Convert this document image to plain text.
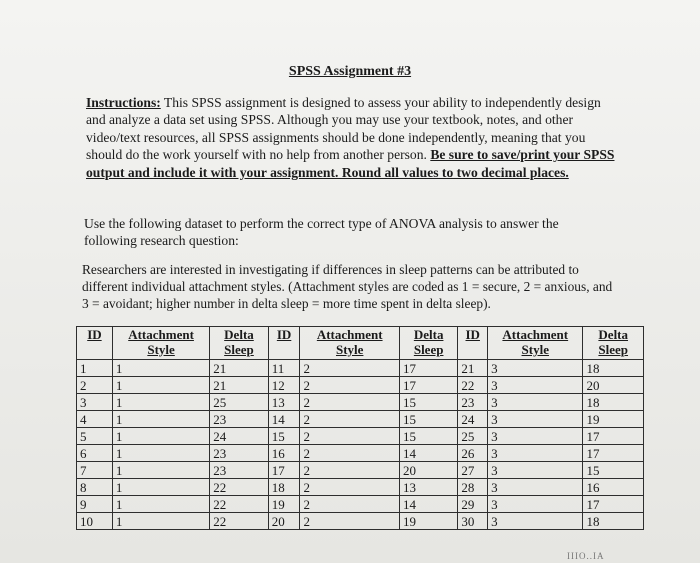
SPSS Assignment #3
Instructions: This SPSS assignment is designed to assess your ability to independently design and analyze a data set using SPSS. Although you may use your textbook, notes, and other video/text resources, all SPSS assignments should be done independently, meaning that you should do the work yourself with no help from another person. Be sure to save/print your SPSS output and include it with your assignment. Round all values to two decimal places.
Use the following dataset to perform the correct type of ANOVA analysis to answer the following research question:
Researchers are interested in investigating if differences in sleep patterns can be attributed to different individual attachment styles. (Attachment styles are coded as 1 = secure, 2 = anxious, and 3 = avoidant; higher number in delta sleep = more time spent in delta sleep).
ID	Attachment Style	Delta Sleep	ID	Attachment Style	Delta Sleep	ID	Attachment Style	Delta Sleep
1	1	21	11	2	17	21	3	18
2	1	21	12	2	17	22	3	20
3	1	25	13	2	15	23	3	18
4	1	23	14	2	15	24	3	19
5	1	24	15	2	15	25	3	17
6	1	23	16	2	14	26	3	17
7	1	23	17	2	20	27	3	15
8	1	22	18	2	13	28	3	16
9	1	22	19	2	14	29	3	17
10	1	22	20	2	19	30	3	18
IIIO..IA
